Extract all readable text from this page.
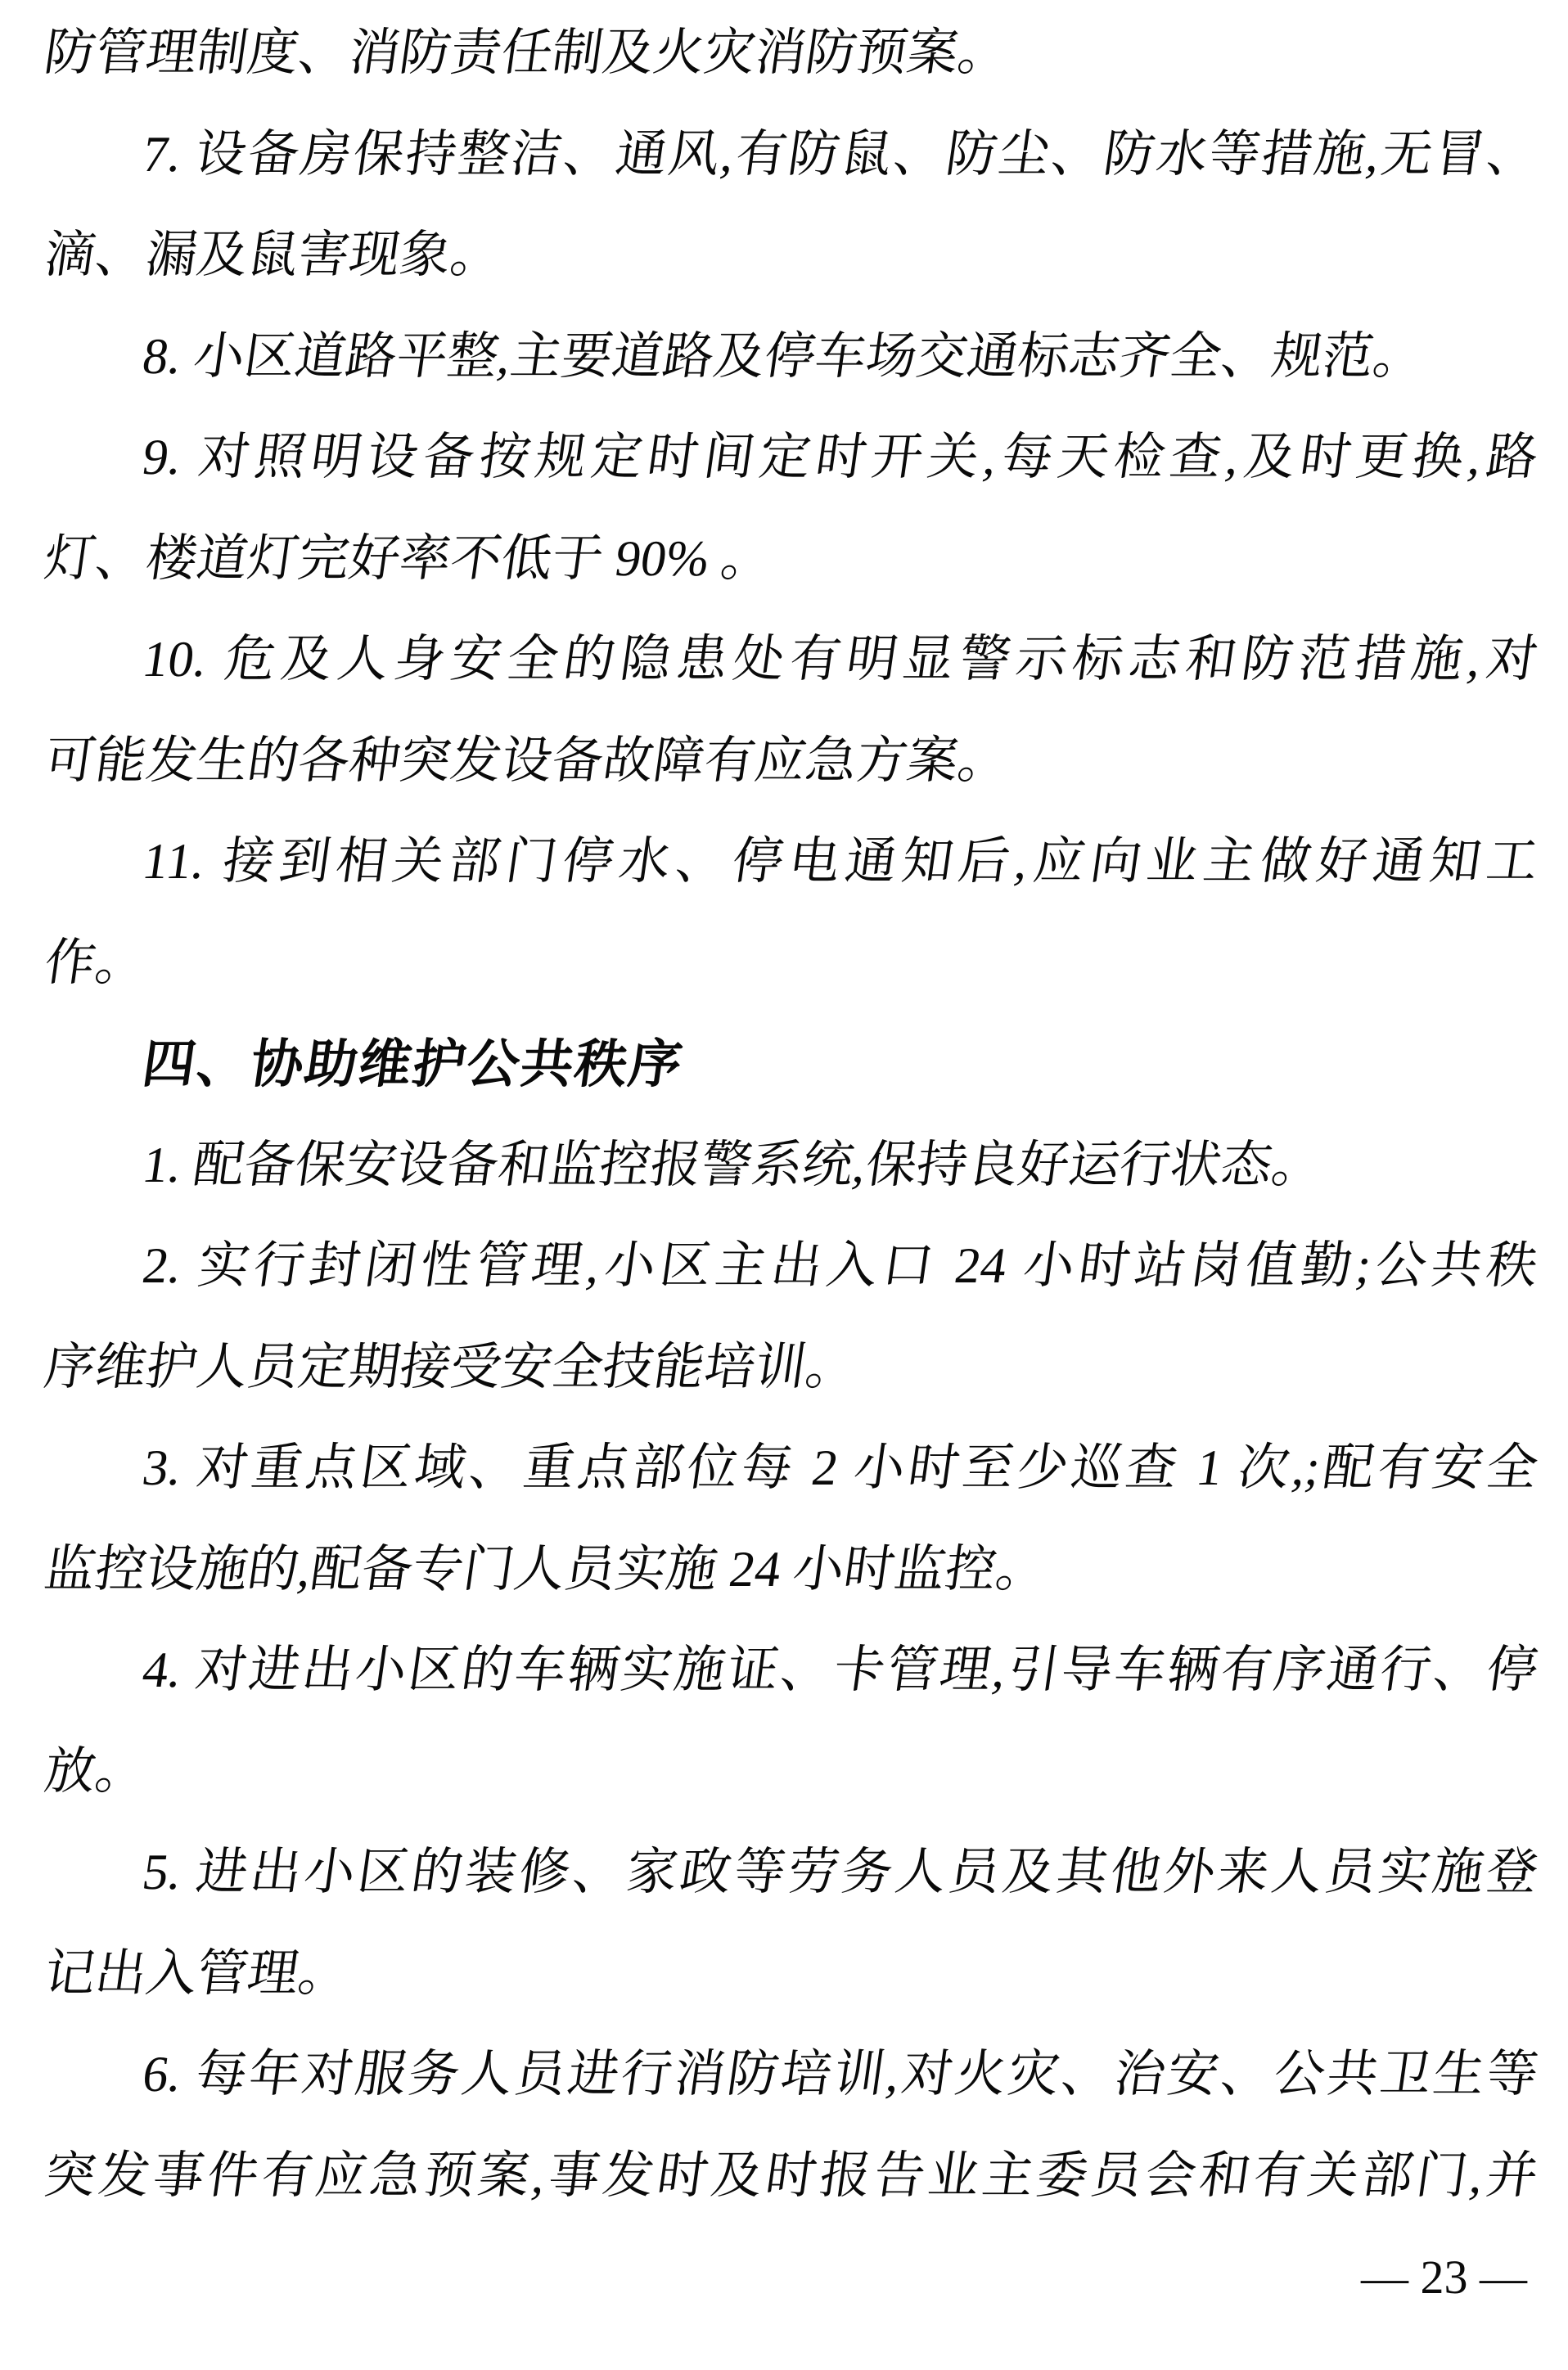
防管理制度、消防责任制及火灾消防预案。
7. 设备房保持整洁、通风,有防鼠、防尘、防水等措施,无冒、
滴、漏及鼠害现象。
8. 小区道路平整,主要道路及停车场交通标志齐全、规范。
9. 对照明设备按规定时间定时开关,每天检查,及时更换,路
灯、楼道灯完好率不低于 90% 。
10. 危及人身安全的隐患处有明显警示标志和防范措施,对
可能发生的各种突发设备故障有应急方案。
11. 接到相关部门停水、停电通知后,应向业主做好通知工
作。
四、协助维护公共秩序
1. 配备保安设备和监控报警系统,保持良好运行状态。
2. 实行封闭性管理,小区主出入口 24 小时站岗值勤;公共秩
序维护人员定期接受安全技能培训。
3. 对重点区域、重点部位每 2 小时至少巡查 1 次,;配有安全
监控设施的,配备专门人员实施 24 小时监控。
4. 对进出小区的车辆实施证、卡管理,引导车辆有序通行、停
放。
5. 进出小区的装修、家政等劳务人员及其他外来人员实施登
记出入管理。
6. 每年对服务人员进行消防培训,对火灾、治安、公共卫生等
突发事件有应急预案,事发时及时报告业主委员会和有关部门,并
— 23 —
